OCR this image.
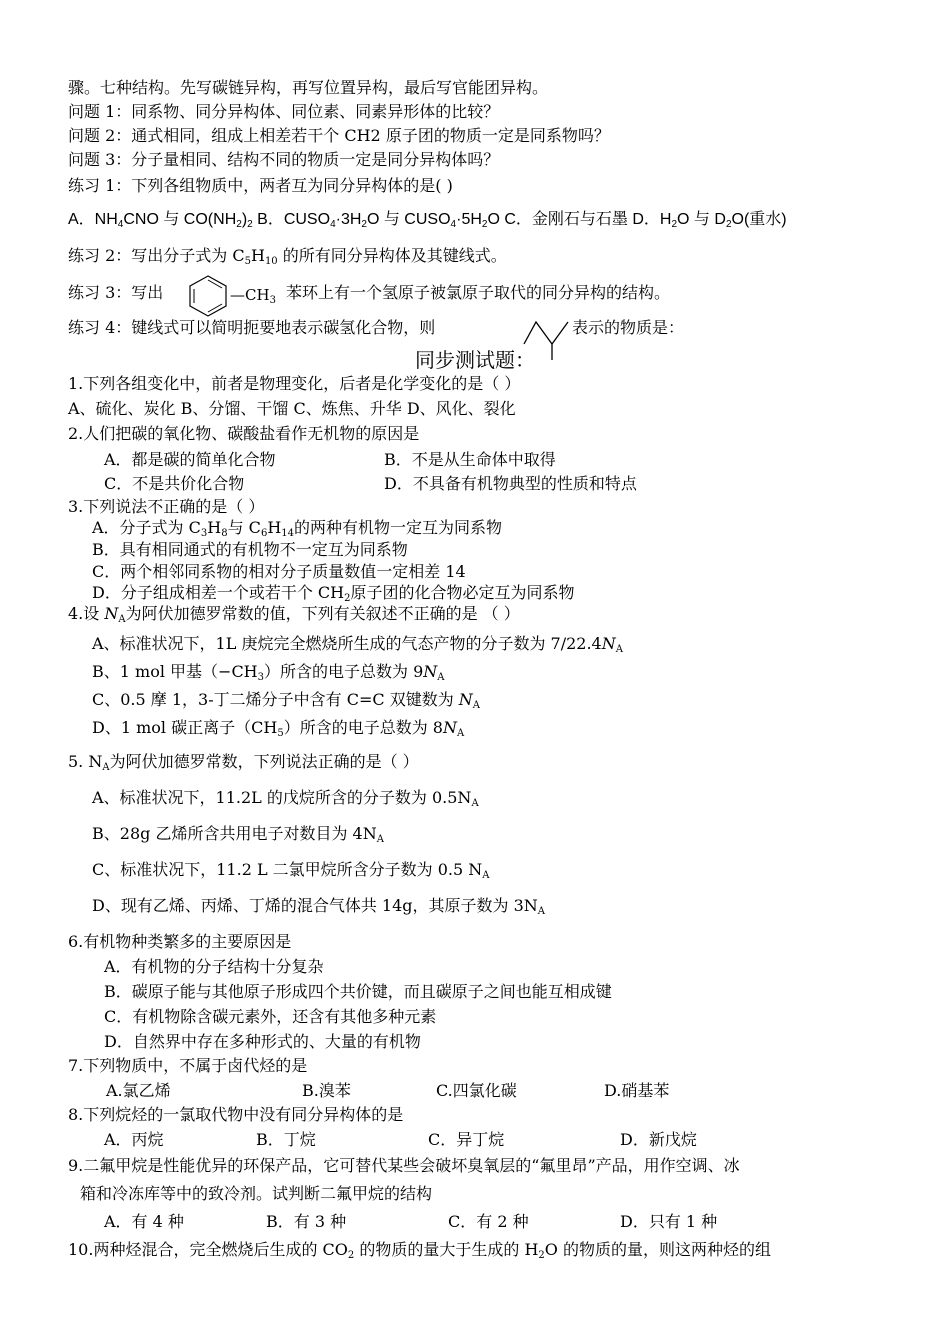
骤。七种结构。先写碳链异构，再写位置异构，最后写官能团异构。
问题 1：同系物、同分异构体、同位素、同素异形体的比较？
问题 2：通式相同，组成上相差若干个 CH2 原子团的物质一定是同系物吗？
问题 3：分子量相同、结构不同的物质一定是同分异构体吗？
练习 1：下列各组物质中，两者互为同分异构体的是( )
A．$NH_4CNO$ 与 $CO(NH_2)_2$ B．$CUSO_4\cdot 3H_2O$ 与 $CUSO_4\cdot 5H_2O$ C．金刚石与石墨 D．$H_2O$ 与 $D_2O$(重水)
练习 2：写出分子式为 $C_5H_{10}$ 的所有同分异构体及其键线式。
练习 3：写出	$—CH_3$ 苯环上有一个氢原子被氯原子取代的同分异构的结构。
练习 4：键线式可以简明扼要地表示碳氢化合物，则	表示的物质是：
同步测试题：
1.下列各组变化中，前者是物理变化，后者是化学变化的是（ ）
A、硫化、炭化 B、分馏、干馏 C、炼焦、升华 D、风化、裂化
2.人们把碳的氧化物、碳酸盐看作无机物的原因是
A．都是碳的简单化合物	B．不是从生命体中取得
C．不是共价化合物	D．不具备有机物典型的性质和特点
3.下列说法不正确的是（ ）
A．分子式为 $C_3H_8$与 $C_6H_{14}$的两种有机物一定互为同系物
B．具有相同通式的有机物不一定互为同系物
C．两个相邻同系物的相对分子质量数值一定相差 14
D．分子组成相差一个或若干个 $CH_2$原子团的化合物必定互为同系物
4.设 $N_A$为阿伏加德罗常数的值，下列有关叙述不正确的是 （ ）
A、标准状况下，1L 庚烷完全燃烧所生成的气态产物的分子数为 $7/22.4N_A$
B、1 mol 甲基$(-CH_3)$所含的电子总数为 $9N_A$
C、0.5 摩 1，3-丁二烯分子中含有 C=C 双键数为 $N_A$
D、1 mol 碳正离子$(CH_5)$所含的电子总数为 $8N_A$
5. $N_A$为阿伏加德罗常数，下列说法正确的是（ ）
A、标准状况下，11.2L 的戊烷所含的分子数为 $0.5N_A$
B、28g 乙烯所含共用电子对数目为 $4N_A$
C、标准状况下，11.2 L 二氯甲烷所含分子数为 0.5 $N_A$
D、现有乙烯、丙烯、丁烯的混合气体共 14g，其原子数为 $3N_A$
6.有机物种类繁多的主要原因是
A．有机物的分子结构十分复杂
B．碳原子能与其他原子形成四个共价键，而且碳原子之间也能互相成键
C．有机物除含碳元素外，还含有其他多种元素
D．自然界中存在多种形式的、大量的有机物
7.下列物质中，不属于卤代烃的是
A.氯乙烯	B.溴苯	C.四氯化碳	D.硝基苯
8.下列烷烃的一氯取代物中没有同分异构体的是
A．丙烷	B．丁烷	C．异丁烷	D．新戊烷
9.二氟甲烷是性能优异的环保产品，它可替代某些会破坏臭氧层的“氟里昂”产品，用作空调、冰
箱和冷冻库等中的致冷剂。试判断二氟甲烷的结构
A．有 4 种	B．有 3 种	C．有 2 种	D．只有 1 种
10.两种烃混合，完全燃烧后生成的 $CO_2$ 的物质的量大于生成的 $H_2O$ 的物质的量，则这两种烃的组
